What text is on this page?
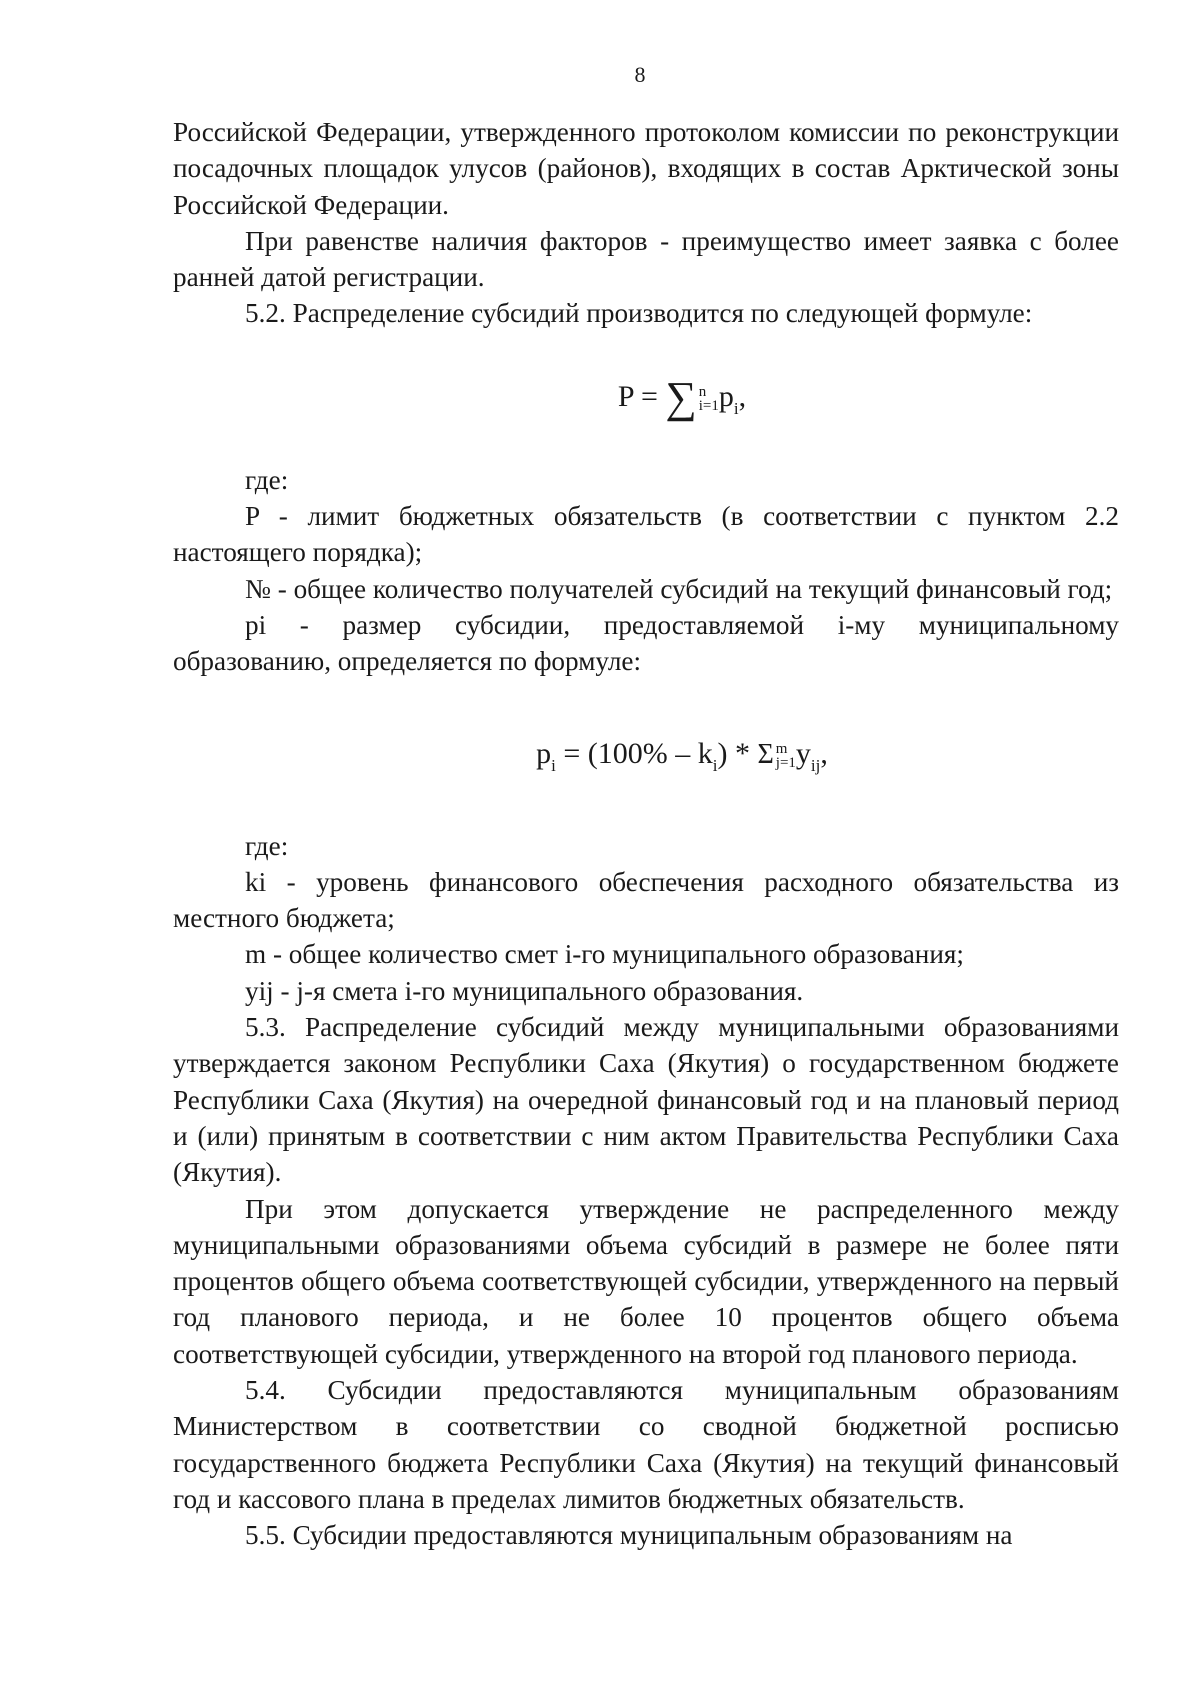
8

Российской Федерации, утвержденного протоколом комиссии по реконструкции посадочных площадок улусов (районов), входящих в состав Арктической зоны Российской Федерации.

При равенстве наличия факторов - преимущество имеет заявка с более ранней датой регистрации.

5.2. Распределение субсидий производится по следующей формуле:

P = ∑ n
i=1 $p_i$,

где:

P - лимит бюджетных обязательств (в соответствии с пунктом 2.2 настоящего порядка);

№ - общее количество получателей субсидий на текущий финансовый год;

pi - размер субсидии, предоставляемой i-му муниципальному образованию, определяется по формуле:

$p_i = (100\% - k_i) * \Sigma$ m
j=1 $y_{ij}$,

где:

ki - уровень финансового обеспечения расходного обязательства из местного бюджета;

m - общее количество смет i-го муниципального образования;

yij - j-я смета i-го муниципального образования.

5.3. Распределение субсидий между муниципальными образованиями утверждается законом Республики Саха (Якутия) о государственном бюджете Республики Саха (Якутия) на очередной финансовый год и на плановый период и (или) принятым в соответствии с ним актом Правительства Республики Саха (Якутия).

При этом допускается утверждение не распределенного между муниципальными образованиями объема субсидий в размере не более пяти процентов общего объема соответствующей субсидии, утвержденного на первый год планового периода, и не более 10 процентов общего объема соответствующей субсидии, утвержденного на второй год планового периода.

5.4. Субсидии предоставляются муниципальным образованиям Министерством в соответствии со сводной бюджетной росписью государственного бюджета Республики Саха (Якутия) на текущий финансовый год и кассового плана в пределах лимитов бюджетных обязательств.

5.5. Субсидии предоставляются муниципальным образованиям на
